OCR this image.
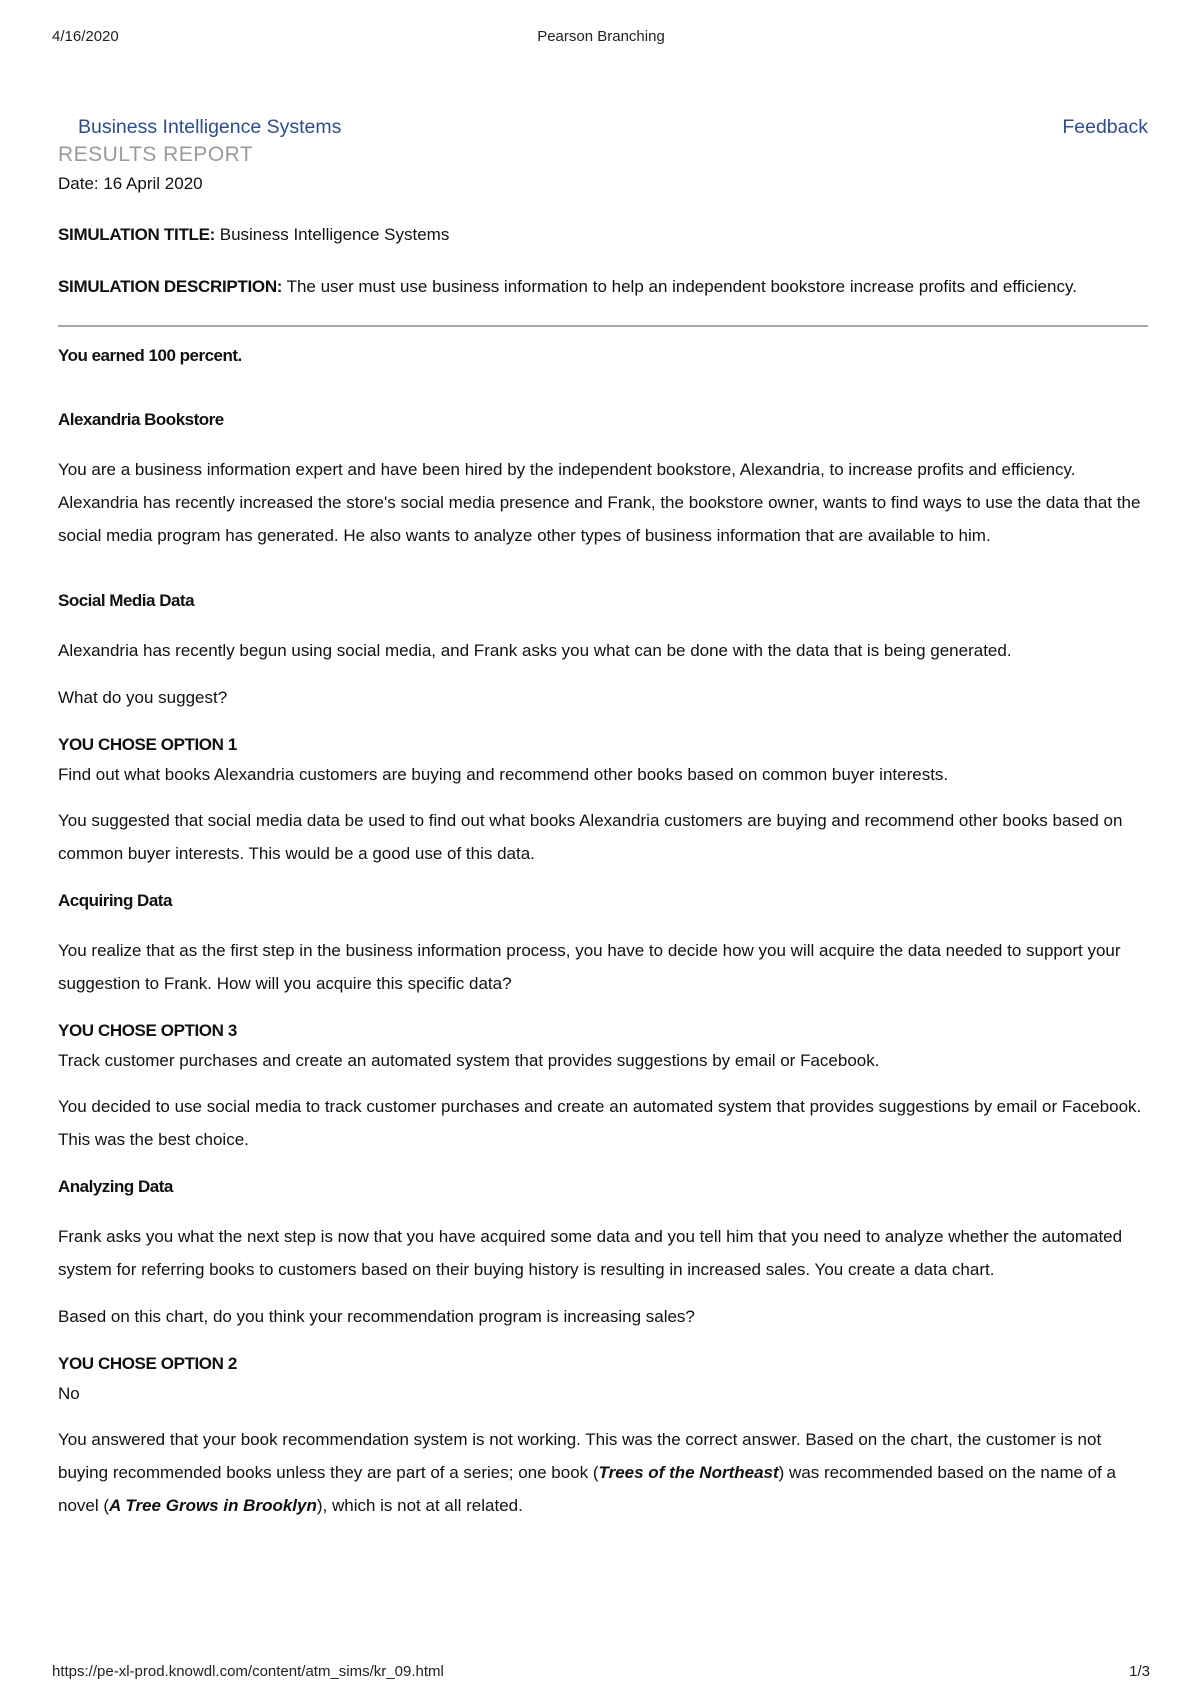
4/16/2020	Pearson Branching
Business Intelligence Systems	Feedback
RESULTS REPORT

Date: 16 April 2020

SIMULATION TITLE: Business Intelligence Systems

SIMULATION DESCRIPTION: The user must use business information to help an independent bookstore increase profits and efficiency.

You earned 100 percent.

Alexandria Bookstore

You are a business information expert and have been hired by the independent bookstore, Alexandria, to increase profits and efficiency. Alexandria has recently increased the store's social media presence and Frank, the bookstore owner, wants to find ways to use the data that the social media program has generated. He also wants to analyze other types of business information that are available to him.

Social Media Data

Alexandria has recently begun using social media, and Frank asks you what can be done with the data that is being generated.

What do you suggest?

YOU CHOSE OPTION 1

Find out what books Alexandria customers are buying and recommend other books based on common buyer interests.

You suggested that social media data be used to find out what books Alexandria customers are buying and recommend other books based on common buyer interests. This would be a good use of this data.

Acquiring Data

You realize that as the first step in the business information process, you have to decide how you will acquire the data needed to support your suggestion to Frank. How will you acquire this specific data?

YOU CHOSE OPTION 3

Track customer purchases and create an automated system that provides suggestions by email or Facebook.

You decided to use social media to track customer purchases and create an automated system that provides suggestions by email or Facebook. This was the best choice.

Analyzing Data

Frank asks you what the next step is now that you have acquired some data and you tell him that you need to analyze whether the automated system for referring books to customers based on their buying history is resulting in increased sales. You create a data chart.

Based on this chart, do you think your recommendation program is increasing sales?

YOU CHOSE OPTION 2

No

You answered that your book recommendation system is not working. This was the correct answer. Based on the chart, the customer is not buying recommended books unless they are part of a series; one book (Trees of the Northeast) was recommended based on the name of a novel (A Tree Grows in Brooklyn), which is not at all related.

https://pe-xl-prod.knowdl.com/content/atm_sims/kr_09.html	1/3
